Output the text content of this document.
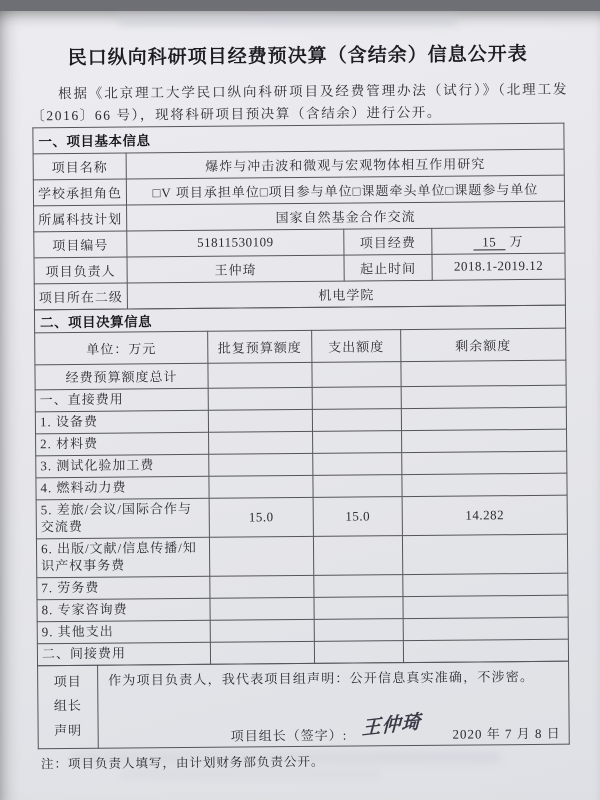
民口纵向科研项目经费预决算（含结余）信息公开表

根据《北京理工大学民口纵向科研项目及经费管理办法（试行）》（北理工发〔2016〕66 号），现将科研项目预决算（含结余）进行公开。

一、项目基本信息			
项目名称	爆炸与冲击波和微观与宏观物体相互作用研究		
学校承担角色	□V 项目承担单位□项目参与单位□课题牵头单位□课题参与单位		
所属科技计划	国家自然基金合作交流		
项目编号	51811530109	项目经费	15 万
项目负责人	王仲琦	起止时间	2018.1-2019.12
项目所在二级	机电学院		
二、项目决算信息			
单位：万元	批复预算额度	支出额度	剩余额度
经费预算额度总计			
一、直接费用			
1. 设备费			
2. 材料费			
3. 测试化验加工费			
4. 燃料动力费			
5. 差旅/会议/国际合作与交流费	15.0	15.0	14.282
6. 出版/文献/信息传播/知识产权事务费			
7. 劳务费			
8. 专家咨询费			
9. 其他支出			
二、间接费用			
项目
组长
声明

作为项目负责人，我代表项目组声明：公开信息真实准确，不涉密。
项目组长（签字）: 王仲琦 2020 年 7 月 8 日
注：项目负责人填写，由计划财务部负责公开。
